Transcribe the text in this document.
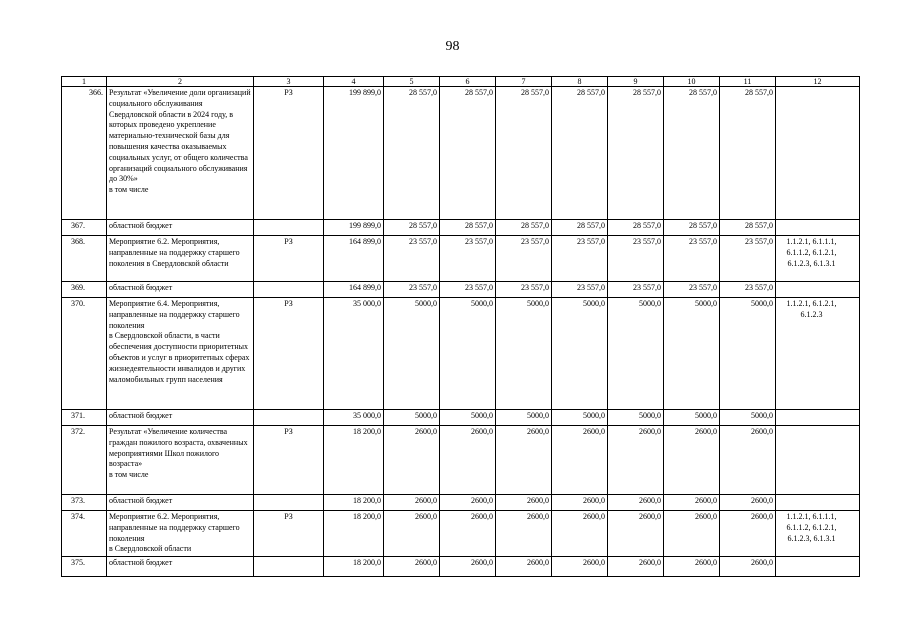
98
1	2	3	4	5	6	7	8	9	10	11	12
366.	Результат «Увеличение доли организаций социального обслуживания Свердловской области в 2024 году, в которых проведено укрепление материально-технической базы для повышения качества оказываемых социальных услуг, от общего количества организаций социального обслуживания до 30%»
в том числе	РЗ	199 899,0	28 557,0	28 557,0	28 557,0	28 557,0	28 557,0	28 557,0	28 557,0	
367.	областной бюджет		199 899,0	28 557,0	28 557,0	28 557,0	28 557,0	28 557,0	28 557,0	28 557,0	
368.	Мероприятие 6.2. Мероприятия, направленные на поддержку старшего поколения в Свердловской области	РЗ	164 899,0	23 557,0	23 557,0	23 557,0	23 557,0	23 557,0	23 557,0	23 557,0	1.1.2.1, 6.1.1.1,
6.1.1.2, 6.1.2.1,
6.1.2.3, 6.1.3.1
369.	областной бюджет		164 899,0	23 557,0	23 557,0	23 557,0	23 557,0	23 557,0	23 557,0	23 557,0	
370.	Мероприятие 6.4. Мероприятия, направленные на поддержку старшего поколения
в Свердловской области, в части обеспечения доступности приоритетных объектов и услуг в приоритетных сферах жизнедеятельности инвалидов и других маломобильных групп населения	РЗ	35 000,0	5000,0	5000,0	5000,0	5000,0	5000,0	5000,0	5000,0	1.1.2.1, 6.1.2.1,
6.1.2.3
371.	областной бюджет		35 000,0	5000,0	5000,0	5000,0	5000,0	5000,0	5000,0	5000,0	
372.	Результат «Увеличение количества граждан пожилого возраста, охваченных мероприятиями Школ пожилого возраста»
в том числе	РЗ	18 200,0	2600,0	2600,0	2600,0	2600,0	2600,0	2600,0	2600,0	
373.	областной бюджет		18 200,0	2600,0	2600,0	2600,0	2600,0	2600,0	2600,0	2600,0	
374.	Мероприятие 6.2. Мероприятия, направленные на поддержку старшего поколения
в Свердловской области	РЗ	18 200,0	2600,0	2600,0	2600,0	2600,0	2600,0	2600,0	2600,0	1.1.2.1, 6.1.1.1,
6.1.1.2, 6.1.2.1,
6.1.2.3, 6.1.3.1
375.	областной бюджет		18 200,0	2600,0	2600,0	2600,0	2600,0	2600,0	2600,0	2600,0	
